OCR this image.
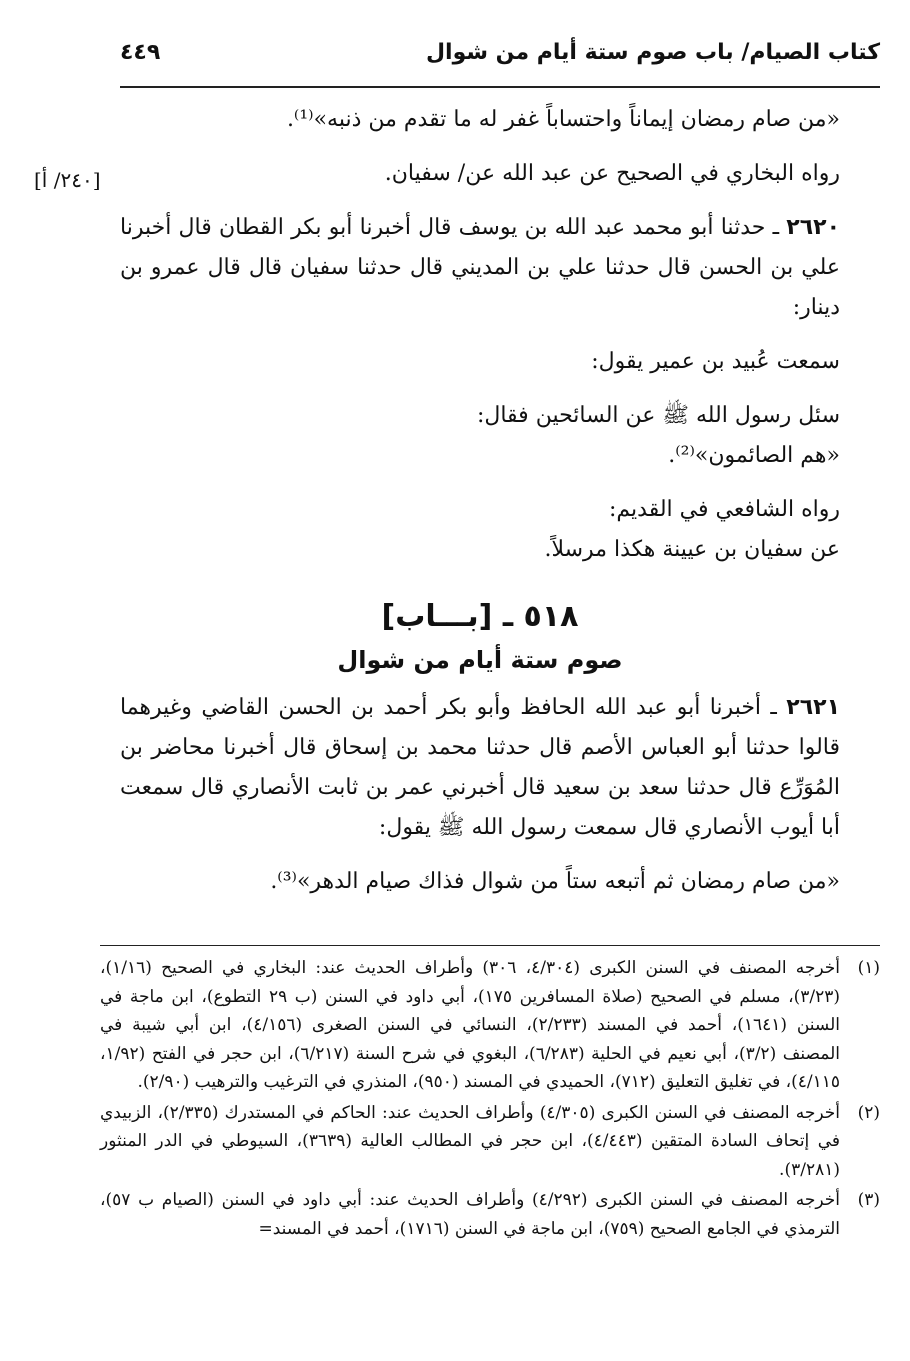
كتاب الصيام/ باب صوم ستة أيام من شوال
٤٤٩
[٢٤٠/ أ]

«من صام رمضان إيماناً واحتساباً غفر له ما تقدم من ذنبه»⁽¹⁾.

رواه البخاري في الصحيح عن عبد الله عن/ سفيان.

٢٦٢٠ ـ حدثنا أبو محمد عبد الله بن يوسف قال أخبرنا أبو بكر القطان قال أخبرنا علي بن الحسن قال حدثنا علي بن المديني قال حدثنا سفيان قال قال عمرو بن دينار:

سمعت عُبيد بن عمير يقول:

سئل رسول الله ﷺ عن السائحين فقال:

«هم الصائمون»⁽²⁾.

رواه الشافعي في القديم:

عن سفيان بن عيينة هكذا مرسلاً.

٥١٨ ـ [بـــاب]
صوم ستة أيام من شوال

٢٦٢١ ـ أخبرنا أبو عبد الله الحافظ وأبو بكر أحمد بن الحسن القاضي وغيرهما قالوا حدثنا أبو العباس الأصم قال حدثنا محمد بن إسحاق قال أخبرنا محاضر بن المُوَرِّع قال حدثنا سعد بن سعيد قال أخبرني عمر بن ثابت الأنصاري قال سمعت أبا أيوب الأنصاري قال سمعت رسول الله ﷺ يقول:

«من صام رمضان ثم أتبعه ستاً من شوال فذاك صيام الدهر»⁽³⁾.

(١)
أخرجه المصنف في السنن الكبرى (٤/٣٠٤، ٣٠٦) وأطراف الحديث عند: البخاري في الصحيح (١/١٦)، (٣/٢٣)، مسلم في الصحيح (صلاة المسافرين ١٧٥)، أبي داود في السنن (ب ٢٩ التطوع)، ابن ماجة في السنن (١٦٤١)، أحمد في المسند (٢/٢٣٣)، النسائي في السنن الصغرى (٤/١٥٦)، ابن أبي شيبة في المصنف (٣/٢)، أبي نعيم في الحلية (٦/٢٨٣)، البغوي في شرح السنة (٦/٢١٧)، ابن حجر في الفتح (١/٩٢، ٤/١١٥)، في تغليق التعليق (٧١٢)، الحميدي في المسند (٩٥٠)، المنذري في الترغيب والترهيب (٢/٩٠).
(٢)
أخرجه المصنف في السنن الكبرى (٤/٣٠٥) وأطراف الحديث عند: الحاكم في المستدرك (٢/٣٣٥)، الزبيدي في إتحاف السادة المتقين (٤/٤٤٣)، ابن حجر في المطالب العالية (٣٦٣٩)، السيوطي في الدر المنثور (٣/٢٨١).
(٣)
أخرجه المصنف في السنن الكبرى (٤/٢٩٢) وأطراف الحديث عند: أبي داود في السنن (الصيام ب ٥٧)، الترمذي في الجامع الصحيح (٧٥٩)، ابن ماجة في السنن (١٧١٦)، أحمد في المسند=
